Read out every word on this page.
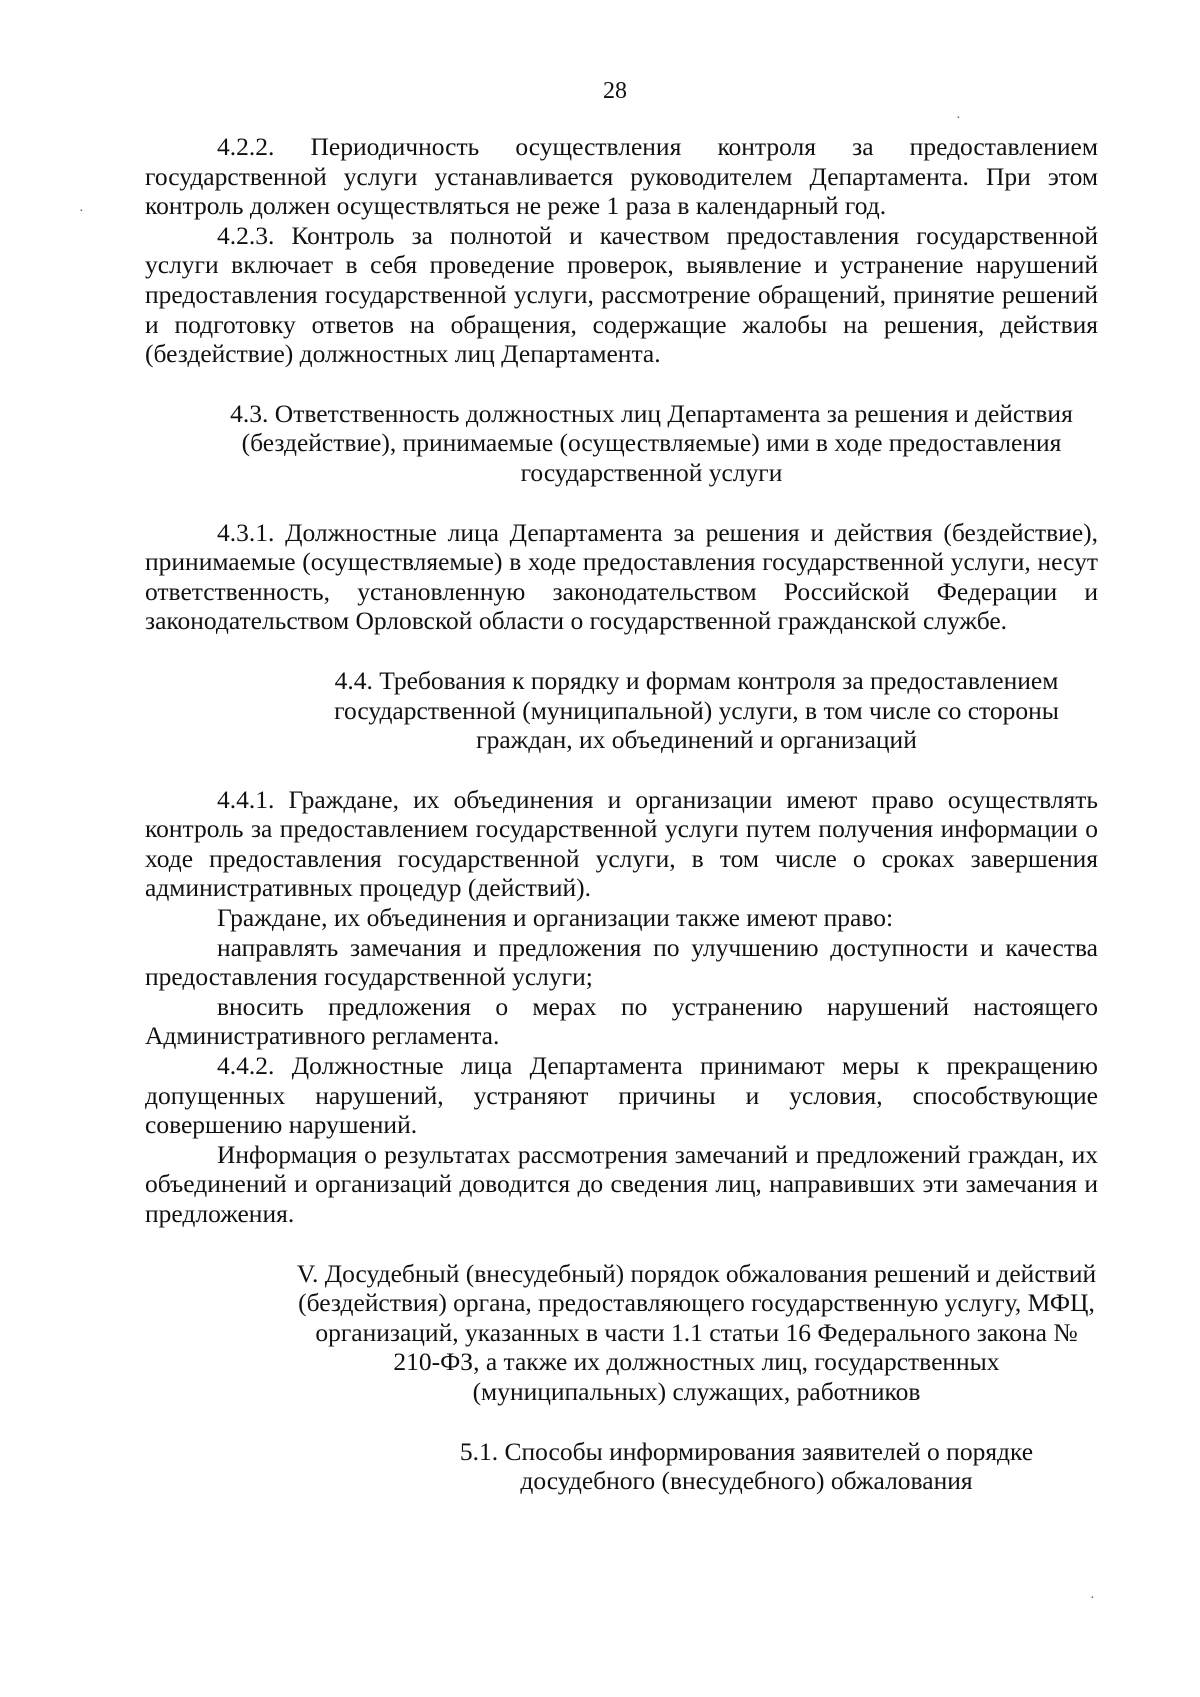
28

4.2.2. Периодичность осуществления контроля за предоставлением государственной услуги устанавливается руководителем Департамента. При этом контроль должен осуществляться не реже 1 раза в календарный год.

4.2.3. Контроль за полнотой и качеством предоставления государственной услуги включает в себя проведение проверок, выявление и устранение нарушений предоставления государственной услуги, рассмотрение обращений, принятие решений и подготовку ответов на обращения, содержащие жалобы на решения, действия (бездействие) должностных лиц Департамента.

4.3. Ответственность должностных лиц Департамента за решения и действия (бездействие), принимаемые (осуществляемые) ими в ходе предоставления государственной услуги

4.3.1. Должностные лица Департамента за решения и действия (бездействие), принимаемые (осуществляемые) в ходе предоставления государственной услуги, несут ответственность, установленную законодательством Российской Федерации и законодательством Орловской области о государственной гражданской службе.

4.4. Требования к порядку и формам контроля за предоставлением государственной (муниципальной) услуги, в том числе со стороны граждан, их объединений и организаций

4.4.1. Граждане, их объединения и организации имеют право осуществлять контроль за предоставлением государственной услуги путем получения информации о ходе предоставления государственной услуги, в том числе о сроках завершения административных процедур (действий).

Граждане, их объединения и организации также имеют право:

направлять замечания и предложения по улучшению доступности и качества предоставления государственной услуги;

вносить предложения о мерах по устранению нарушений настоящего Административного регламента.

4.4.2. Должностные лица Департамента принимают меры к прекращению допущенных нарушений, устраняют причины и условия, способствующие совершению нарушений.

Информация о результатах рассмотрения замечаний и предложений граждан, их объединений и организаций доводится до сведения лиц, направивших эти замечания и предложения.

V. Досудебный (внесудебный) порядок обжалования решений и действий (бездействия) органа, предоставляющего государственную услугу, МФЦ, организаций, указанных в части 1.1 статьи 16 Федерального закона № 210-ФЗ, а также их должностных лиц, государственных (муниципальных) служащих, работников

5.1. Способы информирования заявителей о порядке досудебного (внесудебного) обжалования

·
·
·
